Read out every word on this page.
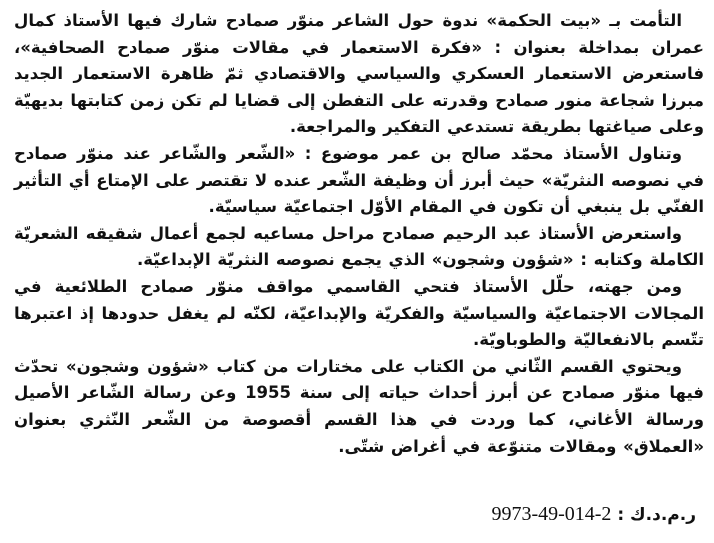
التأمت بـ «بيت الحكمة» ندوة حول الشاعر منوّر صمادح شارك فيها الأستاذ كمال عمران بمداخلة بعنوان : «فكرة الاستعمار في مقالات منوّر صمادح الصحافية»، فاستعرض الاستعمار العسكري والسياسي والاقتصادي ثمّ ظاهرة الاستعمار الجديد مبرزا شجاعة منور صمادح وقدرته على التفطن إلى قضايا لم تكن زمن كتابتها بديهيّة وعلى صياغتها بطريقة تستدعي التفكير والمراجعة.

وتناول الأستاذ محمّد صالح بن عمر موضوع : «الشّعر والشّاعر عند منوّر صمادح في نصوصه النثريّة» حيث أبرز أن وظيفة الشّعر عنده لا تقتصر على الإمتاع أي التأثير الفنّي بل ينبغي أن تكون في المقام الأوّل اجتماعيّة سياسيّة.

واستعرض الأستاذ عبد الرحيم صمادح مراحل مساعيه لجمع أعمال شقيقه الشعريّة الكاملة وكتابه : «شؤون وشجون» الذي يجمع نصوصه النثريّة الإبداعيّة.

ومن جهته، حلّل الأستاذ فتحي القاسمي مواقف منوّر صمادح الطلائعية في المجالات الاجتماعيّة والسياسيّة والفكريّة والإبداعيّة، لكنّه لم يغفل حدودها إذ اعتبرها تتّسم بالانفعاليّة والطوباويّة.

ويحتوي القسم الثّاني من الكتاب على مختارات من كتاب «شؤون وشجون» تحدّث فيها منوّر صمادح عن أبرز أحداث حياته إلى سنة 1955 وعن رسالة الشّاعر الأصيل ورسالة الأغاني، كما وردت في هذا القسم أقصوصة من الشّعر النّثري بعنوان «العملاق» ومقالات متنوّعة في أغراض شتّى.

ر.م.د.ك : 9973-49-014-2
